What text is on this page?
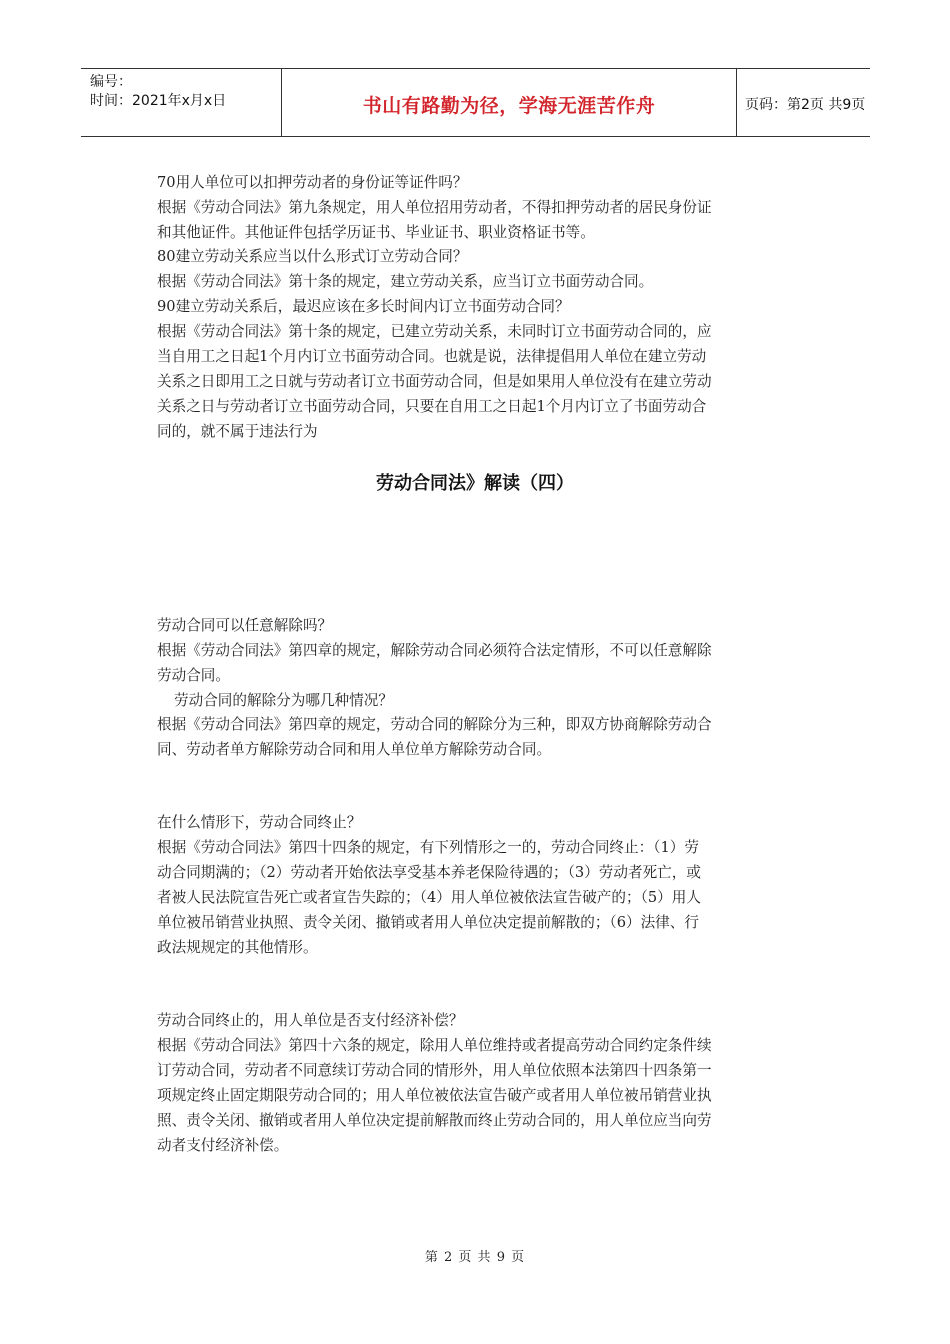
编号：
时间：2021年x月x日	书山有路勤为径，学海无涯苦作舟	页码：第2页 共9页
70用人单位可以扣押劳动者的身份证等证件吗？
根据《劳动合同法》第九条规定，用人单位招用劳动者，不得扣押劳动者的居民身份证
和其他证件。其他证件包括学历证书、毕业证书、职业资格证书等。
80建立劳动关系应当以什么形式订立劳动合同？
根据《劳动合同法》第十条的规定，建立劳动关系，应当订立书面劳动合同。
90建立劳动关系后，最迟应该在多长时间内订立书面劳动合同？
根据《劳动合同法》第十条的规定，已建立劳动关系，未同时订立书面劳动合同的，应
当自用工之日起1个月内订立书面劳动合同。也就是说，法律提倡用人单位在建立劳动
关系之日即用工之日就与劳动者订立书面劳动合同，但是如果用人单位没有在建立劳动
关系之日与劳动者订立书面劳动合同，只要在自用工之日起1个月内订立了书面劳动合
同的，就不属于违法行为
劳动合同法》解读（四）
劳动合同可以任意解除吗？
根据《劳动合同法》第四章的规定，解除劳动合同必须符合法定情形，不可以任意解除
劳动合同。
劳动合同的解除分为哪几种情况？
根据《劳动合同法》第四章的规定，劳动合同的解除分为三种，即双方协商解除劳动合
同、劳动者单方解除劳动合同和用人单位单方解除劳动合同。
在什么情形下，劳动合同终止？
根据《劳动合同法》第四十四条的规定，有下列情形之一的，劳动合同终止：（1）劳
动合同期满的；（2）劳动者开始依法享受基本养老保险待遇的；（3）劳动者死亡，或
者被人民法院宣告死亡或者宣告失踪的；（4）用人单位被依法宣告破产的；（5）用人
单位被吊销营业执照、责令关闭、撤销或者用人单位决定提前解散的；（6）法律、行
政法规规定的其他情形。
劳动合同终止的，用人单位是否支付经济补偿？
根据《劳动合同法》第四十六条的规定，除用人单位维持或者提高劳动合同约定条件续
订劳动合同，劳动者不同意续订劳动合同的情形外，用人单位依照本法第四十四条第一
项规定终止固定期限劳动合同的；用人单位被依法宣告破产或者用人单位被吊销营业执
照、责令关闭、撤销或者用人单位决定提前解散而终止劳动合同的，用人单位应当向劳
动者支付经济补偿。
第 2 页 共 9 页
